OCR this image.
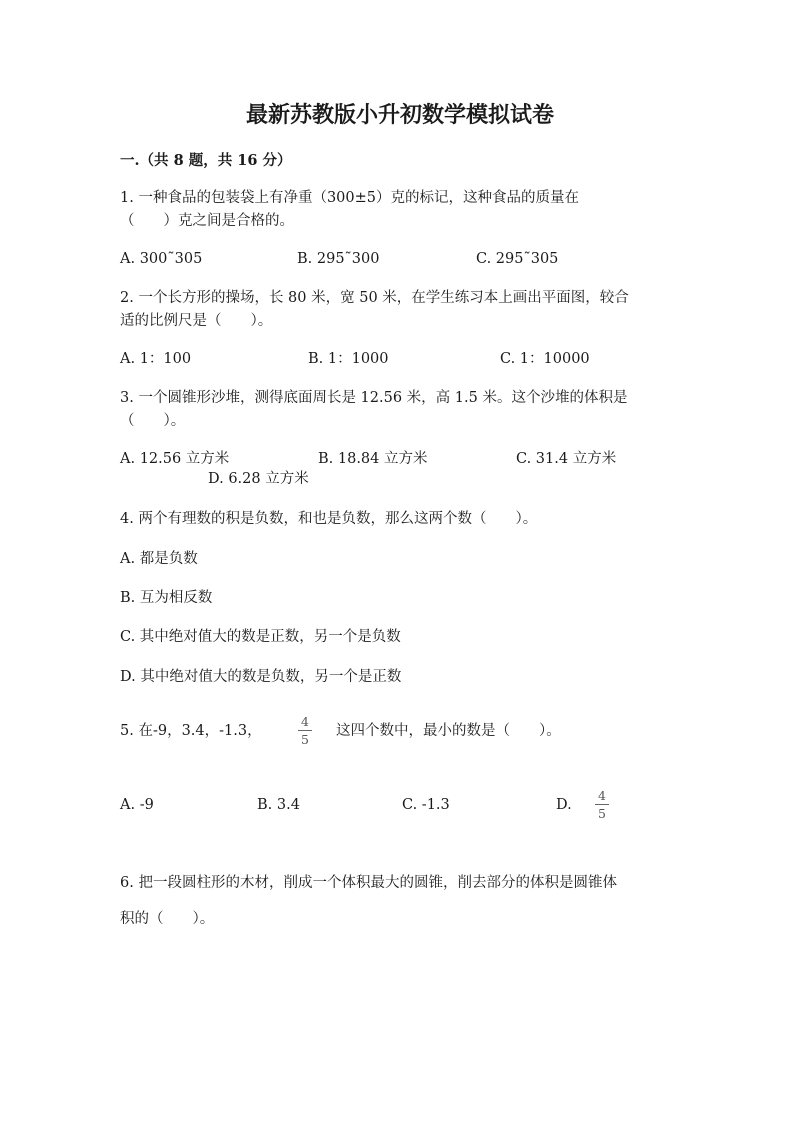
最新苏教版小升初数学模拟试卷
一.（共 8 题，共 16 分）
1. 一种食品的包装袋上有净重（300±5）克的标记，这种食品的质量在
（　　）克之间是合格的。
A. 300˜305	B. 295˜300	C. 295˜305
2. 一个长方形的操场，长 80 米，宽 50 米，在学生练习本上画出平面图，较合
适的比例尺是（　　）。
A. 1：100	B. 1：1000	C. 1：10000
3. 一个圆锥形沙堆，测得底面周长是 12.56 米，高 1.5 米。这个沙堆的体积是
（　　）。
A. 12.56 立方米	B. 18.84 立方米	C. 31.4 立方米
D. 6.28 立方米
4. 两个有理数的积是负数，和也是负数，那么这两个数（　　）。
A. 都是负数
B. 互为相反数
C. 其中绝对值大的数是正数，另一个是负数
D. 其中绝对值大的数是负数，另一个是正数
5. 在-9，3.4，-1.3，
4
5
这四个数中，最小的数是（　　）。
A. -9	B. 3.4	C. -1.3	D.
4
5
6. 把一段圆柱形的木材，削成一个体积最大的圆锥，削去部分的体积是圆锥体
积的（　　）。
